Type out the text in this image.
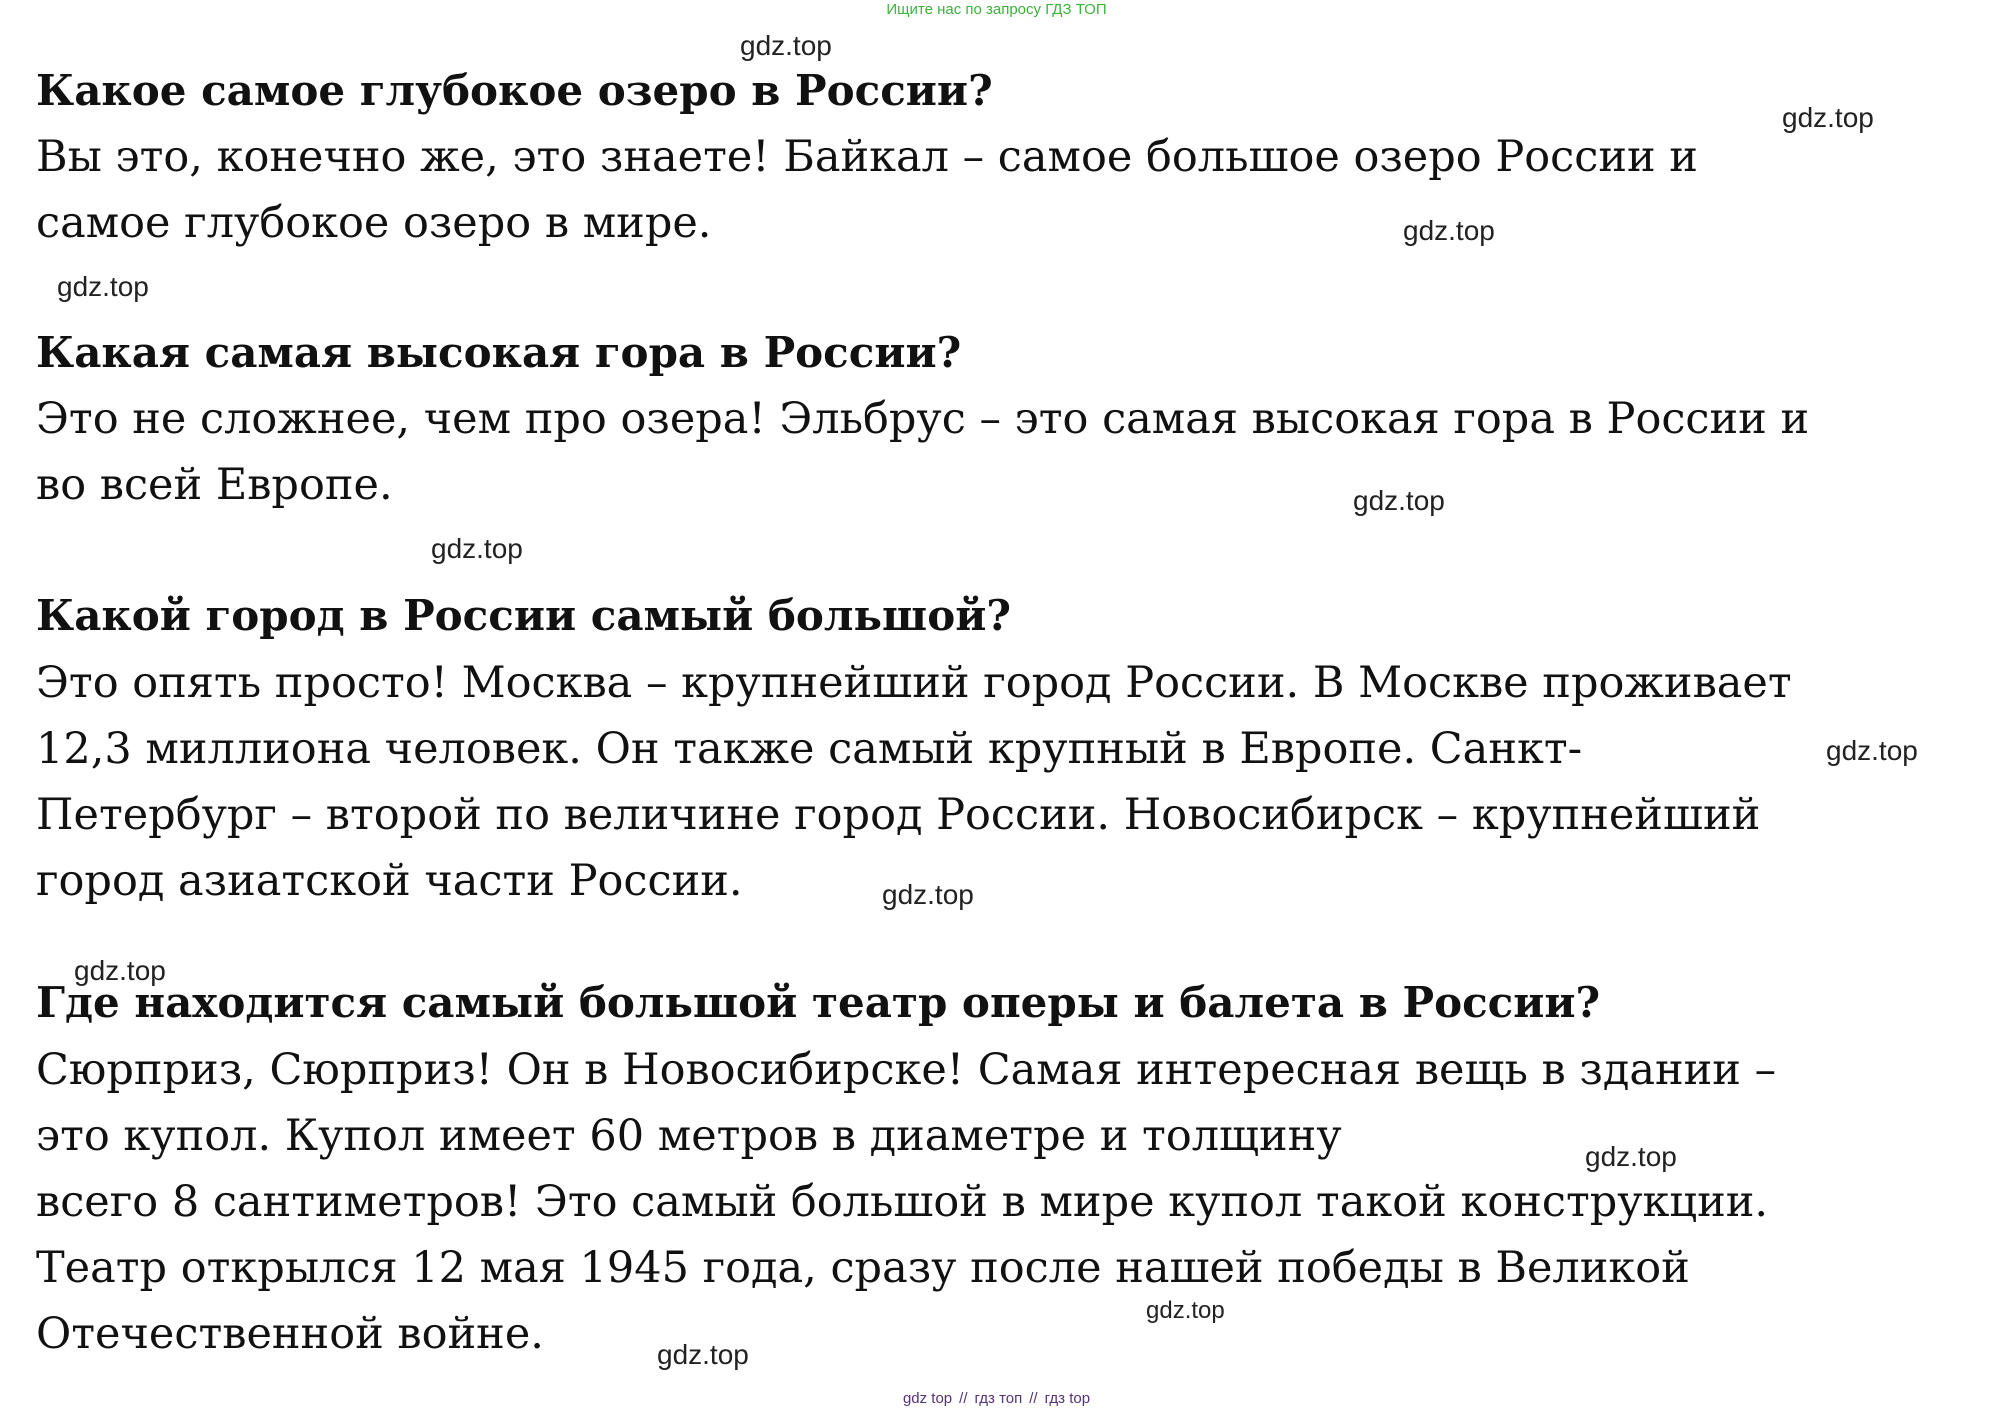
Ищите нас по запросу ГДЗ ТОП
Какое самое глубокое озеро в России?
Вы это, конечно же, это знаете! Байкал – самое большое озеро России и
самое глубокое озеро в мире.
Какая самая высокая гора в России?
Это не сложнее, чем про озера! Эльбрус – это самая высокая гора в России и
во всей Европе.
Какой город в России самый большой?
Это опять просто! Москва – крупнейший город России. В Москве проживает
12,3 миллиона человек. Он также самый крупный в Европе. Санкт-
Петербург – второй по величине город России. Новосибирск – крупнейший
город азиатской части России.
Где находится самый большой театр оперы и балета в России?
Сюрприз, Сюрприз! Он в Новосибирске! Самая интересная вещь в здании –
это купол. Купол имеет 60 метров в диаметре и толщину
всего 8 сантиметров! Это самый большой в мире купол такой конструкции.
Театр открылся 12 мая 1945 года, сразу после нашей победы в Великой
Отечественной войне.
gdz.top
gdz.top
gdz.top
gdz.top
gdz.top
gdz.top
gdz.top
gdz.top
gdz.top
gdz.top
gdz.top
gdz.top
gdz top // гдз топ // гдз top
